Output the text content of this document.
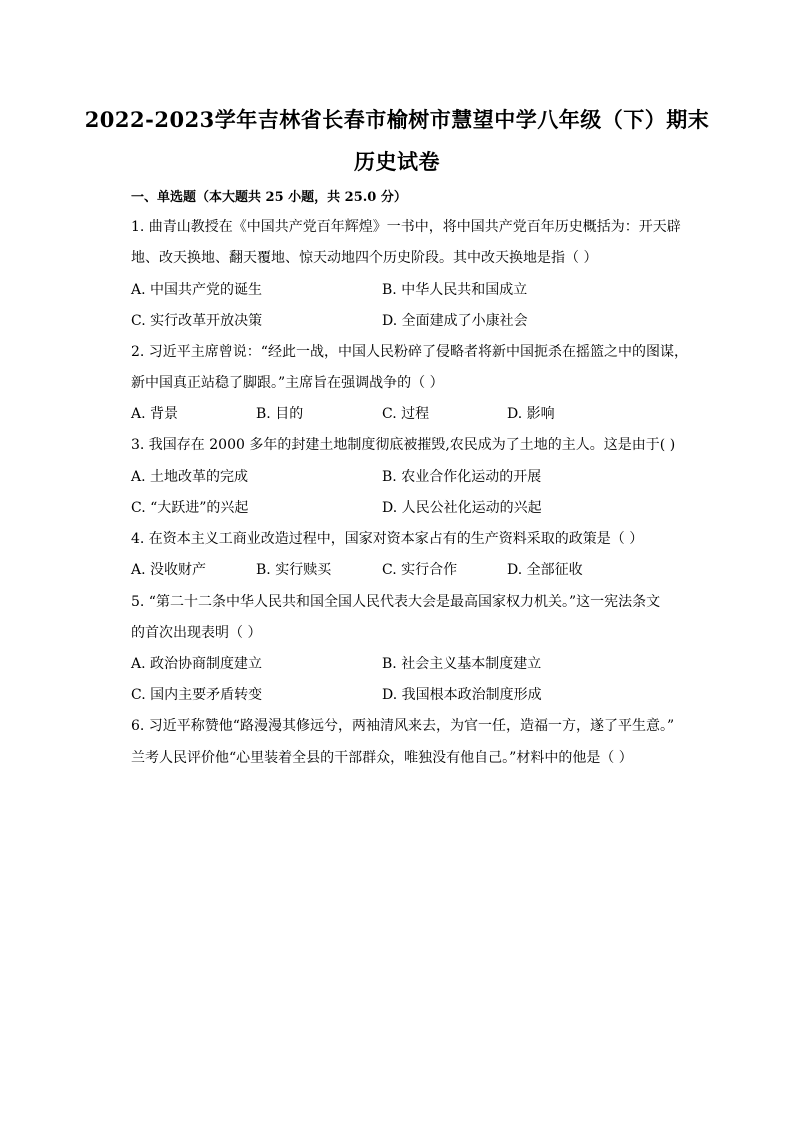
2022-2023学年吉林省长春市榆树市慧望中学八年级（下）期末
历史试卷
一、单选题（本大题共 25 小题，共 25.0 分）
1. 曲青山教授在《中国共产党百年辉煌》一书中，将中国共产党百年历史概括为：开天辟
地、改天换地、翻天覆地、惊天动地四个历史阶段。其中改天换地是指（ ）
A. 中国共产党的诞生	B. 中华人民共和国成立
C. 实行改革开放决策	D. 全面建成了小康社会
2. 习近平主席曾说：“经此一战，中国人民粉碎了侵略者将新中国扼杀在摇篮之中的图谋，
新中国真正站稳了脚跟。”主席旨在强调战争的（ ）
A. 背景	B. 目的	C. 过程	D. 影响
3. 我国存在 2000 多年的封建土地制度彻底被摧毁,农民成为了土地的主人。这是由于( )
A. 土地改革的完成	B. 农业合作化运动的开展
C. “大跃进”的兴起	D. 人民公社化运动的兴起
4. 在资本主义工商业改造过程中，国家对资本家占有的生产资料采取的政策是（ ）
A. 没收财产	B. 实行赎买	C. 实行合作	D. 全部征收
5. “第二十二条中华人民共和国全国人民代表大会是最高国家权力机关。”这一宪法条文
的首次出现表明（ ）
A. 政治协商制度建立	B. 社会主义基本制度建立
C. 国内主要矛盾转变	D. 我国根本政治制度形成
6. 习近平称赞他“路漫漫其修远兮，两袖清风来去，为官一任，造福一方，遂了平生意。”
兰考人民评价他“心里装着全县的干部群众，唯独没有他自己。”材料中的他是（ ）
